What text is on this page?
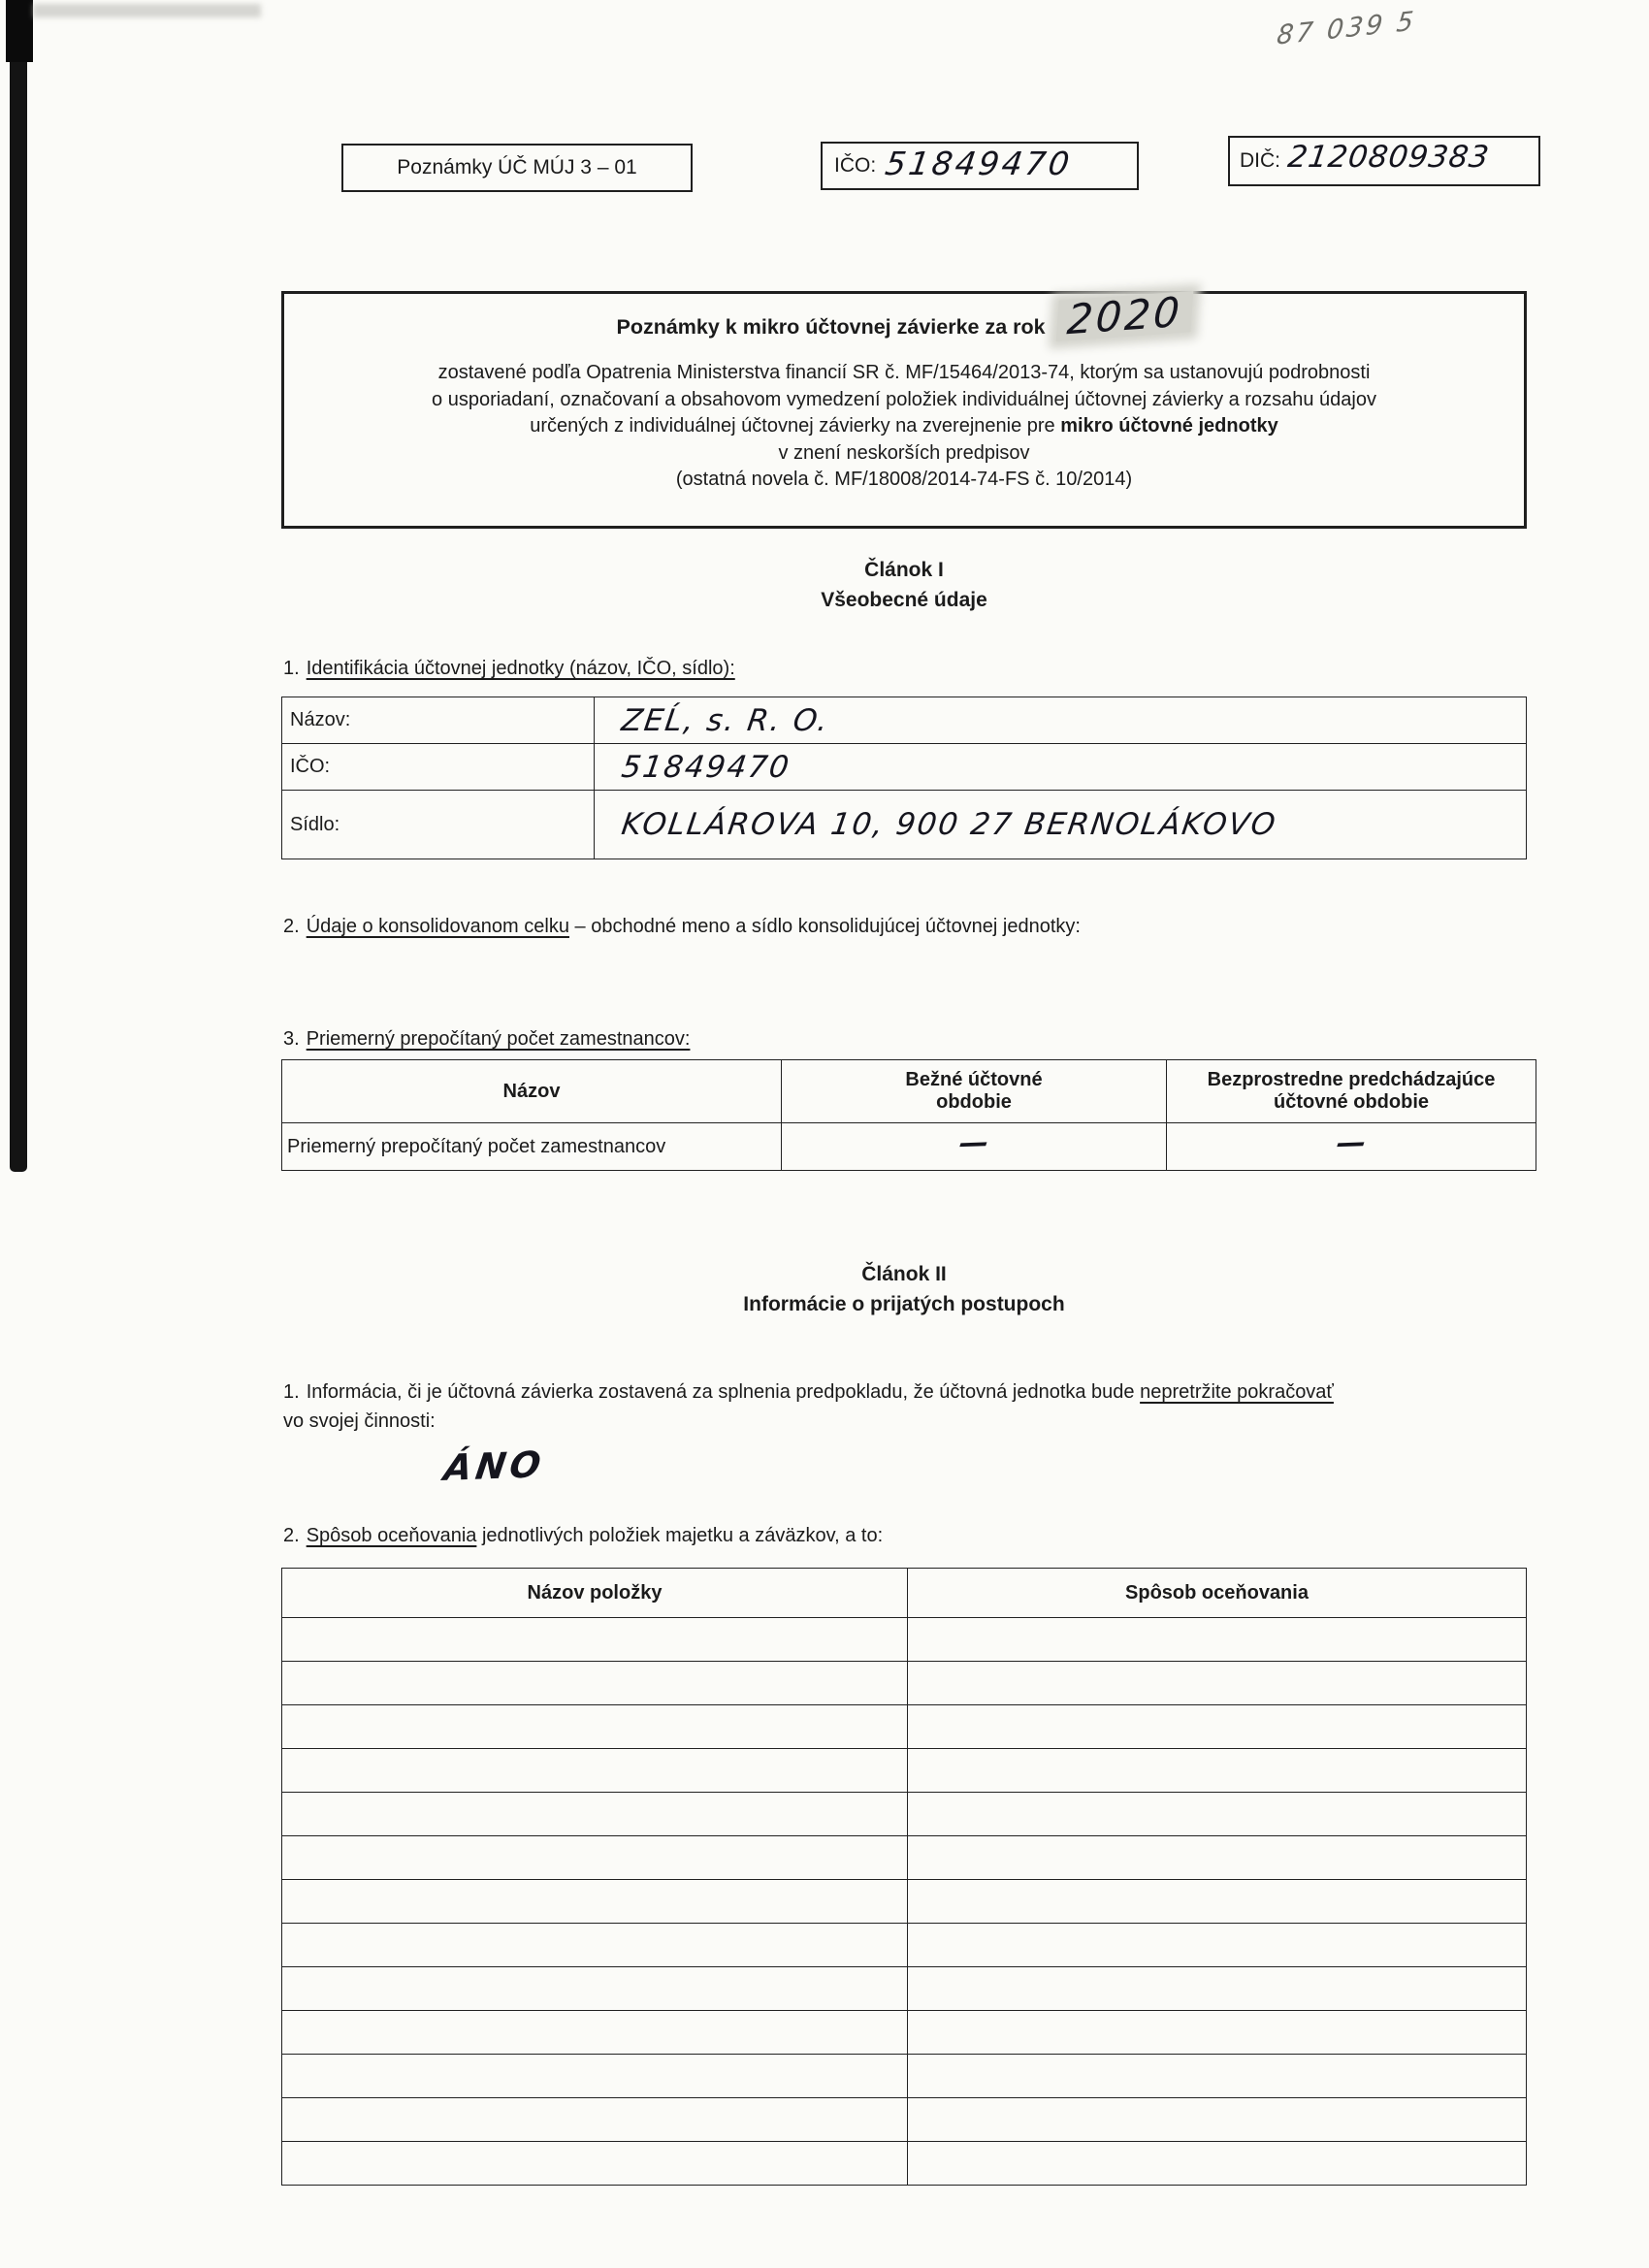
87 039 5
Poznámky ÚČ MÚJ 3 – 01	IČO: 51849470	DIČ: 2120809383
Poznámky k mikro účtovnej závierke za rok 2020
zostavené podľa Opatrenia Ministerstva financií SR č. MF/15464/2013-74, ktorým sa ustanovujú podrobnosti
o usporiadaní, označovaní a obsahovom vymedzení položiek individuálnej účtovnej závierky a rozsahu údajov
určených z individuálnej účtovnej závierky na zverejnenie pre mikro účtovné jednotky
v znení neskorších predpisov
(ostatná novela č. MF/18008/2014-74-FS č. 10/2014)
Článok I
Všeobecné údaje
1. Identifikácia účtovnej jednotky (názov, IČO, sídlo):
Názov:	ZEĹ, s. R. O.
IČO:	51849470
Sídlo:	KOLLÁROVA 10, 900 27 BERNOLÁKOVO
2. Údaje o konsolidovanom celku – obchodné meno a sídlo konsolidujúcej účtovnej jednotky:
3. Priemerný prepočítaný počet zamestnancov:
Názov	Bežné účtovné obdobie	Bezprostredne predchádzajúce účtovné obdobie
Priemerný prepočítaný počet zamestnancov	—	—
Článok II
Informácie o prijatých postupoch
1. Informácia, či je účtovná závierka zostavená za splnenia predpokladu, že účtovná jednotka bude nepretržite pokračovať
vo svojej činnosti:
ÁNO
2. Spôsob oceňovania jednotlivých položiek majetku a záväzkov, a to:
Názov položky	Spôsob oceňovania
